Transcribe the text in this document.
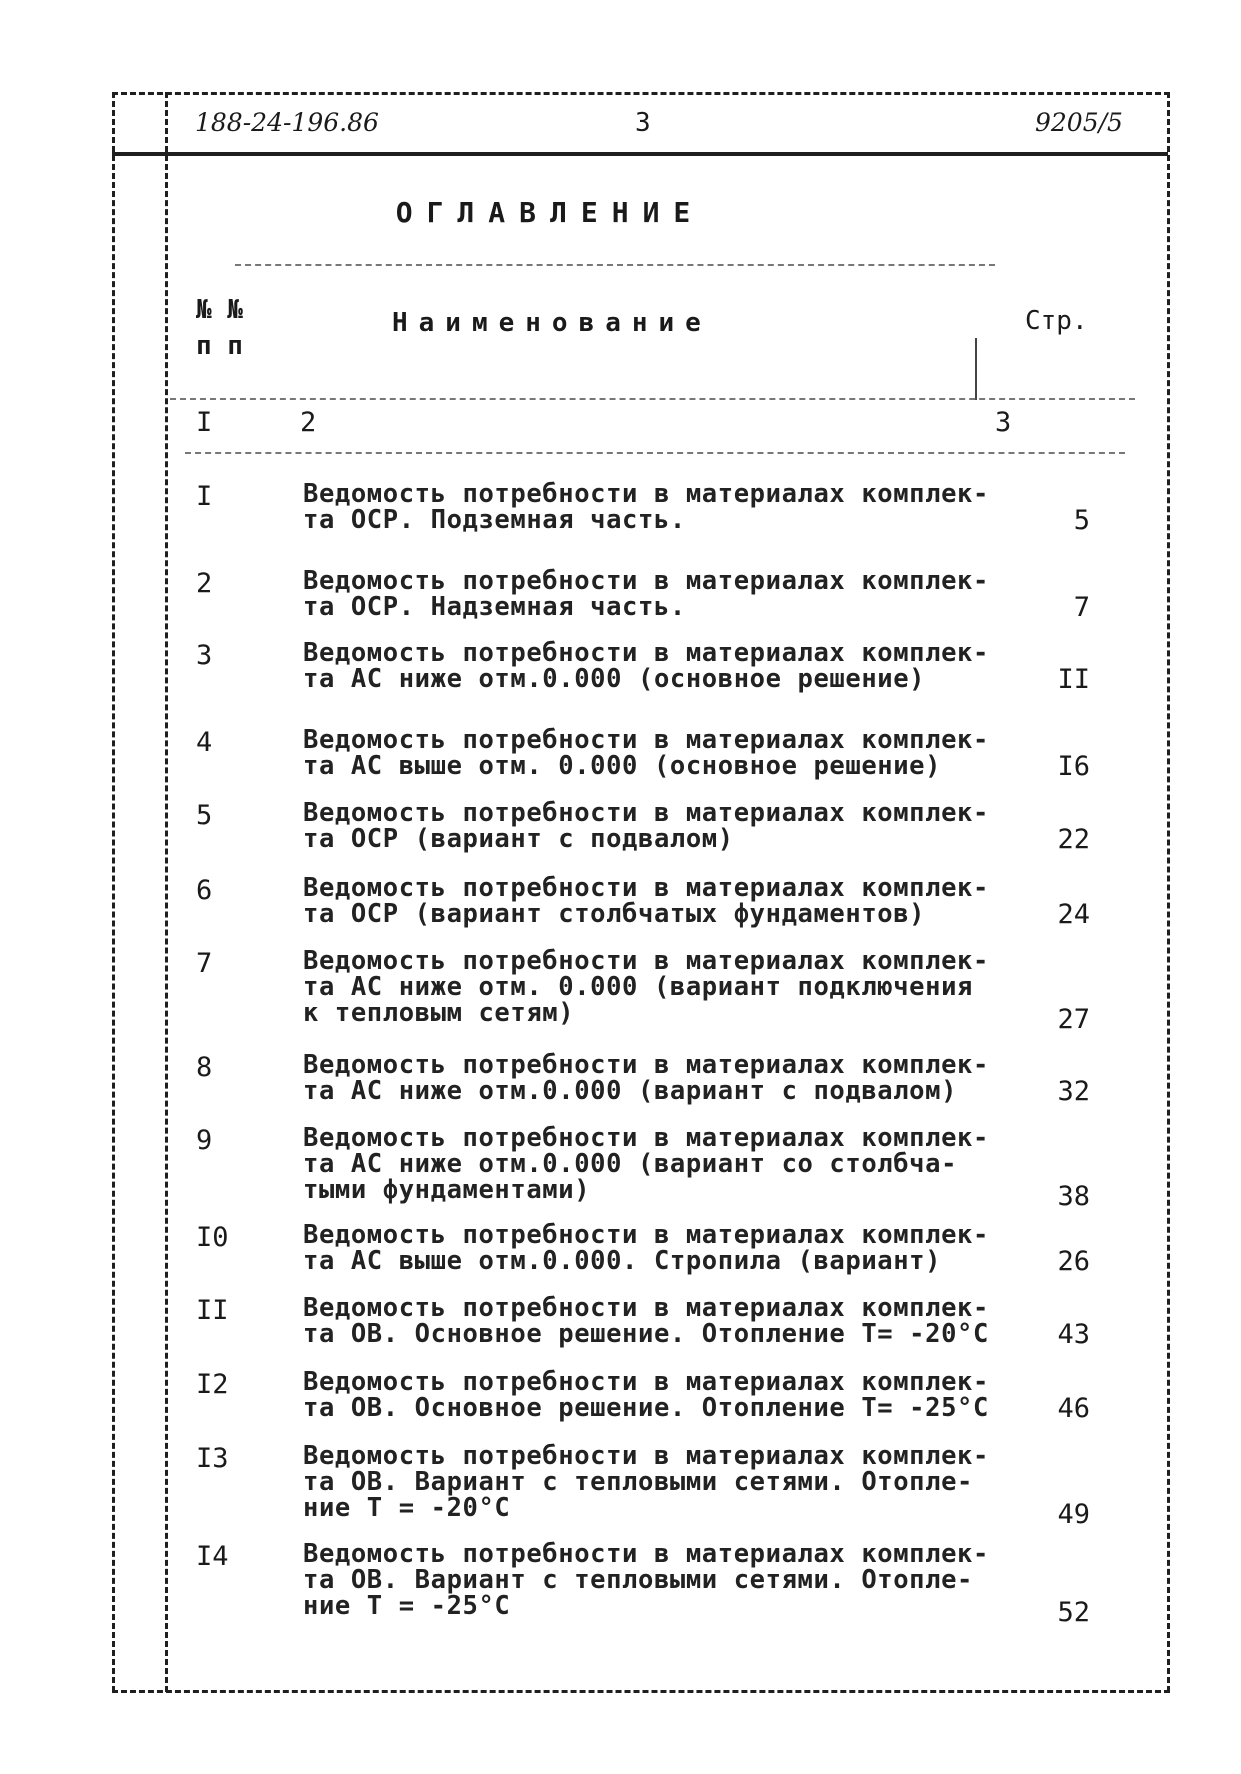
188-24-196.86	3	9205/5
ОГЛАВЛЕНИЕ
№ №
п п
Наименование	Стр.
I	2	3
I	Ведомость потребности в материалах комплек-
та ОСР. Подземная часть.	5
2	Ведомость потребности в материалах комплек-
та ОСР. Надземная часть.	7
3	Ведомость потребности в материалах комплек-
та АС ниже отм.0.000 (основное решение)	II
4	Ведомость потребности в материалах комплек-
та АС выше отм. 0.000 (основное решение)	I6
5	Ведомость потребности в материалах комплек-
та ОСР (вариант с подвалом)	22
6	Ведомость потребности в материалах комплек-
та ОСР (вариант столбчатых фундаментов)	24
7	Ведомость потребности в материалах комплек-
та АС ниже отм. 0.000 (вариант подключения
к тепловым сетям)	27
8	Ведомость потребности в материалах комплек-
та АС ниже отм.0.000 (вариант с подвалом)	32
9	Ведомость потребности в материалах комплек-
та АС ниже отм.0.000 (вариант со столбча-
тыми фундаментами)	38
I0	Ведомость потребности в материалах комплек-
та АС выше отм.0.000. Стропила (вариант)	26
II	Ведомость потребности в материалах комплек-
та ОВ. Основное решение. Отопление Т= -20°С	43
I2	Ведомость потребности в материалах комплек-
та ОВ. Основное решение. Отопление Т= -25°С	46
I3	Ведомость потребности в материалах комплек-
та ОВ. Вариант с тепловыми сетями. Отопле-
ние Т = -20°С	49
I4	Ведомость потребности в материалах комплек-
та ОВ. Вариант с тепловыми сетями. Отопле-
ние Т = -25°С	52
